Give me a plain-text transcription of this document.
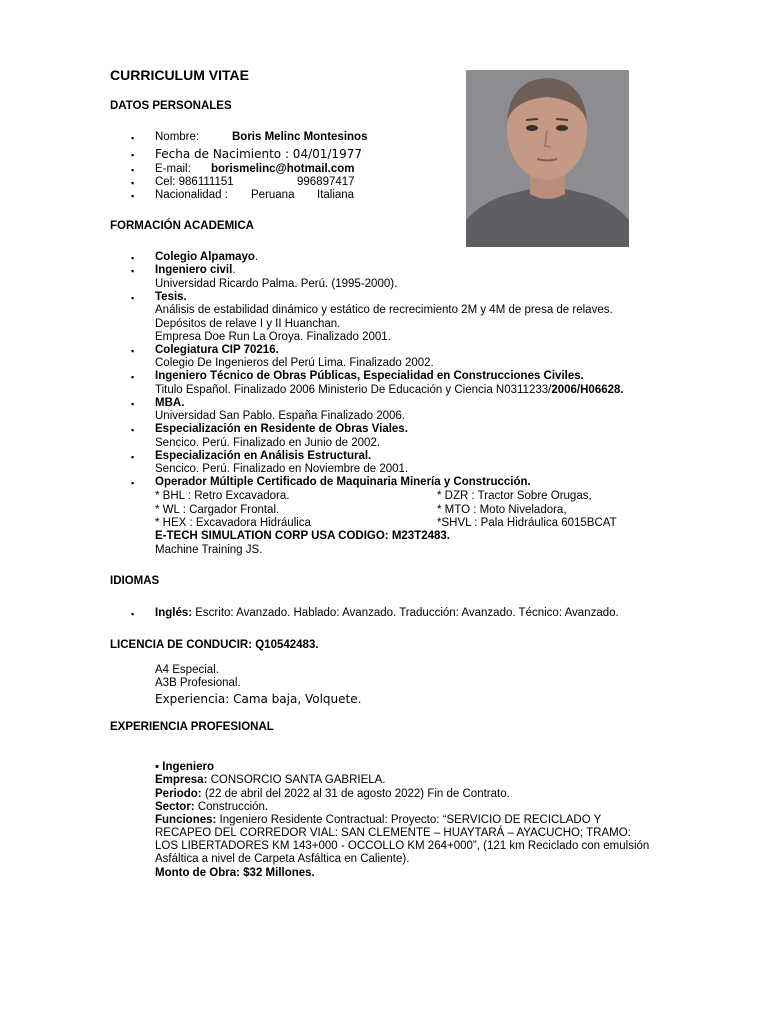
CURRICULUM VITAE
DATOS PERSONALES
▪ Nombre:	Boris Melinc Montesinos
▪ Fecha de Nacimiento : 04/01/1977
▪ E-mail: borismelinc@hotmail.com
▪ Cel: 986111151	996897417
▪ Nacionalidad : Peruana Italiana
FORMACIÓN ACADEMICA
▪ Colegio Alpamayo.
▪ Ingeniero civil.
Universidad Ricardo Palma. Perú. (1995-2000).
▪ Tesis.
Análisis de estabilidad dinámico y estático de recrecimiento 2M y 4M de presa de relaves.
Depósitos de relave I y II Huanchan.
Empresa Doe Run La Oroya. Finalizado 2001.
▪ Colegiatura CIP 70216.
Colegio De Ingenieros del Perú Lima. Finalizado 2002.
▪ Ingeniero Técnico de Obras Públicas, Especialidad en Construcciones Civiles.
Titulo Español. Finalizado 2006 Ministerio De Educación y Ciencia N0311233/2006/H06628.
▪ MBA.
Universidad San Pablo. España Finalizado 2006.
▪ Especialización en Residente de Obras Viales.
Sencico. Perú. Finalizado en Junio de 2002.
▪ Especialización en Análisis Estructural.
Sencico. Perú. Finalizado en Noviembre de 2001.
▪ Operador Múltiple Certificado de Maquinaria Minería y Construcción.
* BHL : Retro Excavadora.	* DZR : Tractor Sobre Orugas,
* WL : Cargador Frontal.	* MTO : Moto Niveladora,
* HEX : Excavadora Hidráulica	*SHVL : Pala Hidráulica 6015BCAT
E-TECH SIMULATION CORP USA CODIGO: M23T2483.
Machine Training JS.
IDIOMAS
▪ Inglés: Escrito: Avanzado. Hablado: Avanzado. Traducción: Avanzado. Técnico: Avanzado.
LICENCIA DE CONDUCIR: Q10542483.
A4 Especial.
A3B Profesional.
Experiencia: Cama baja, Volquete.
EXPERIENCIA PROFESIONAL
▪ Ingeniero
Empresa: CONSORCIO SANTA GABRIELA.
Periodo: (22 de abril del 2022 al 31 de agosto 2022) Fin de Contrato.
Sector: Construcción.
Funciones: Ingeniero Residente Contractual: Proyecto: “SERVICIO DE RECICLADO Y
RECAPEO DEL CORREDOR VIAL: SAN CLEMENTE – HUAYTARÁ – AYACUCHO; TRAMO:
LOS LIBERTADORES KM 143+000 - OCCOLLO KM 264+000”, (121 km Reciclado con emulsión
Asfáltica a nivel de Carpeta Asfáltica en Caliente).
Monto de Obra: $32 Millones.
